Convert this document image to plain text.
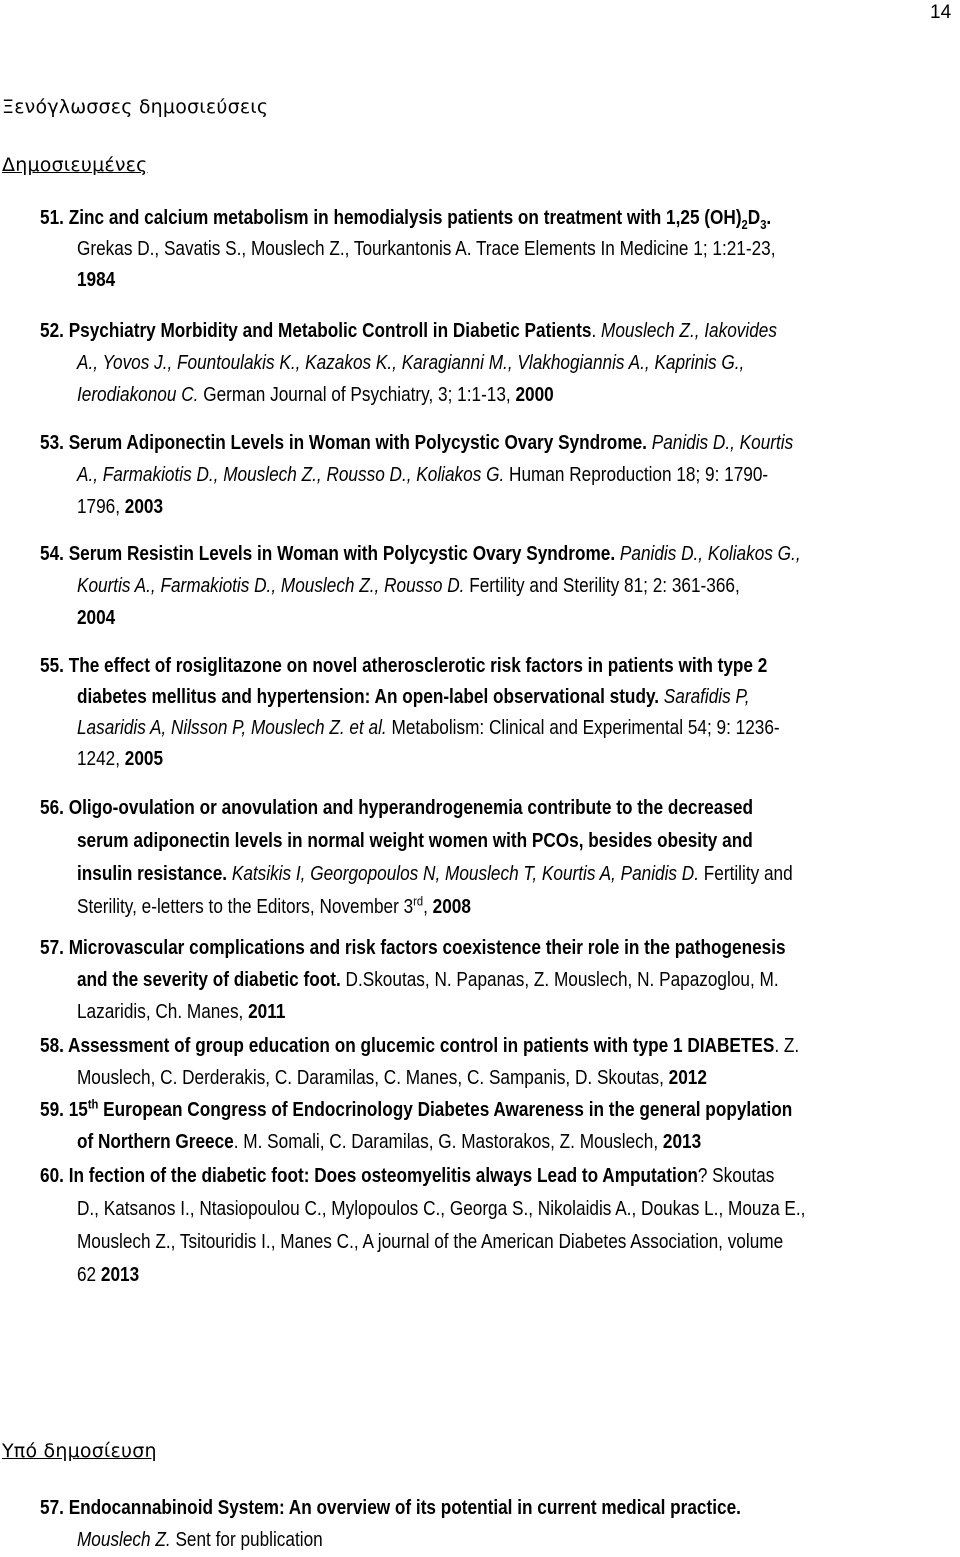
14
Ξενόγλωσσες δημοσιεύσεις
Δημοσιευμένες
Υπό δημοσίευση
51. Zinc and calcium metabolism in hemodialysis patients on treatment with 1,25 $(OH)_2D_3$.
Grekas D., Savatis S., Mouslech Z., Tourkantonis A. Trace Elements In Medicine 1; 1:21-23,
1984
52. Psychiatry Morbidity and Metabolic Controll in Diabetic Patients. Mouslech Z., Iakovides
A., Yovos J., Fountoulakis K., Kazakos K., Karagianni M., Vlakhogiannis A., Kaprinis G.,
Ierodiakonou C. German Journal of Psychiatry, 3; 1:1-13, 2000
53. Serum Adiponectin Levels in Woman with Polycystic Ovary Syndrome. Panidis D., Kourtis
A., Farmakiotis D., Mouslech Z., Rousso D., Koliakos G. Human Reproduction 18; 9: 1790-
1796, 2003
54. Serum Resistin Levels in Woman with Polycystic Ovary Syndrome. Panidis D., Koliakos G.,
Kourtis A., Farmakiotis D., Mouslech Z., Rousso D. Fertility and Sterility 81; 2: 361-366,
2004
55. The effect of rosiglitazone on novel atherosclerotic risk factors in patients with type 2
diabetes mellitus and hypertension: An open-label observational study. Sarafidis P,
Lasaridis A, Nilsson P, Mouslech Z. et al. Metabolism: Clinical and Experimental 54; 9: 1236-
1242, 2005
56. Oligo-ovulation or anovulation and hyperandrogenemia contribute to the decreased
serum adiponectin levels in normal weight women with PCOs, besides obesity and
insulin resistance. Katsikis I, Georgopoulos N, Mouslech T, Kourtis A, Panidis D. Fertility and
Sterility, e-letters to the Editors, November 3rd, 2008
57. Microvascular complications and risk factors coexistence their role in the pathogenesis
and the severity of diabetic foot. D.Skoutas, N. Papanas, Z. Mouslech, N. Papazoglou, M.
Lazaridis, Ch. Manes, 2011
58. Assessment of group education on glucemic control in patients with type 1 DIABETES. Z.
Mouslech, C. Derderakis, C. Daramilas, C. Manes, C. Sampanis, D. Skoutas, 2012
59. 15th European Congress of Endocrinology Diabetes Awareness in the general popylation
of Northern Greece. M. Somali, C. Daramilas, G. Mastorakos, Z. Mouslech, 2013
60. In fection of the diabetic foot: Does osteomyelitis always Lead to Amputation? Skoutas
D., Katsanos I., Ntasiopoulou C., Mylopoulos C., Georga S., Nikolaidis A., Doukas L., Mouza E.,
Mouslech Z., Tsitouridis I., Manes C., A journal of the American Diabetes Association, volume
62 2013
57. Endocannabinoid System: An overview of its potential in current medical practice.
Mouslech Z. Sent for publication
